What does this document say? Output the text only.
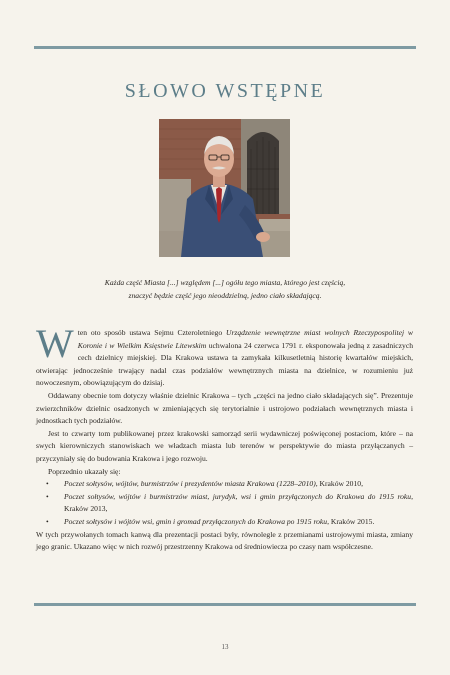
SŁOWO WSTĘPNE
Każda część Miasta [...] względem [...] ogółu tego miasta, którego jest częścią,
znaczyć będzie część jego nieoddzielną, jedno ciało składającą.

Wten oto sposób ustawa Sejmu Czteroletniego Urządzenie wewnętrzne miast wolnych Rzeczypospolitej w Koronie i w Wielkim Księstwie Litewskim uchwalona 24 czerwca 1791 r. eksponowała jedną z zasadniczych cech dzielnicy miejskiej. Dla Krakowa ustawa ta zamykała kilkusetletnią historię kwartałów miejskich, otwierając jednocześnie trwający nadal czas podziałów wewnętrznych miasta na dzielnice, w rozumieniu już nowoczesnym, obowiązującym do dzisiaj.

Oddawany obecnie tom dotyczy właśnie dzielnic Krakowa – tych „części na jedno ciało składających się”. Prezentuje zwierzchników dzielnic osadzonych w zmieniających się terytorialnie i ustrojowo podziałach wewnętrznych miasta i jednostkach tych podziałów.

Jest to czwarty tom publikowanej przez krakowski samorząd serii wydawniczej poświęconej postaciom, które – na swych kierowniczych stanowiskach we władzach miasta lub terenów w perspektywie do miasta przyłączanych – przyczyniały się do budowania Krakowa i jego rozwoju.

Poprzednio ukazały się:

• Poczet sołtysów, wójtów, burmistrzów i prezydentów miasta Krakowa (1228–2010), Kraków 2010,
• Poczet sołtysów, wójtów i burmistrzów miast, jurydyk, wsi i gmin przyłączonych do Krakowa do 1915 roku, Kraków 2013,
• Poczet sołtysów i wójtów wsi, gmin i gromad przyłączonych do Krakowa po 1915 roku, Kraków 2015.

W tych przywołanych tomach kanwą dla prezentacji postaci były, równolegle z przemianami ustrojowymi miasta, zmiany jego granic. Ukazano więc w nich rozwój przestrzenny Krakowa od średniowiecza po czasy nam współczesne.

13
